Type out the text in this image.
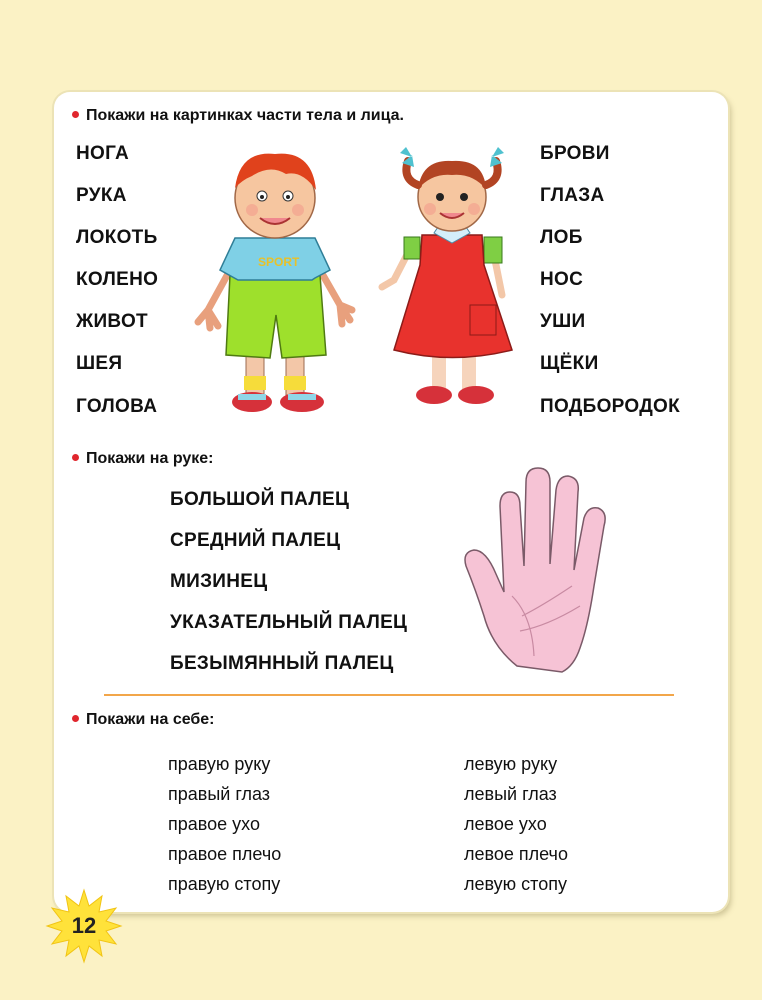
Покажи на картинках части тела и лица.
НОГА
РУКА
ЛОКОТЬ
КОЛЕНО
ЖИВОТ
ШЕЯ
ГОЛОВА
БРОВИ
ГЛАЗА
ЛОБ
НОС
УШИ
ЩЁКИ
ПОДБОРОДОК
SPORT
Покажи на руке:
БОЛЬШОЙ ПАЛЕЦ
СРЕДНИЙ ПАЛЕЦ
МИЗИНЕЦ
УКАЗАТЕЛЬНЫЙ ПАЛЕЦ
БЕЗЫМЯННЫЙ ПАЛЕЦ
Покажи на себе:
правую руку
правый глаз
правое ухо
правое плечо
правую стопу
левую руку
левый глаз
левое ухо
левое плечо
левую стопу
12
